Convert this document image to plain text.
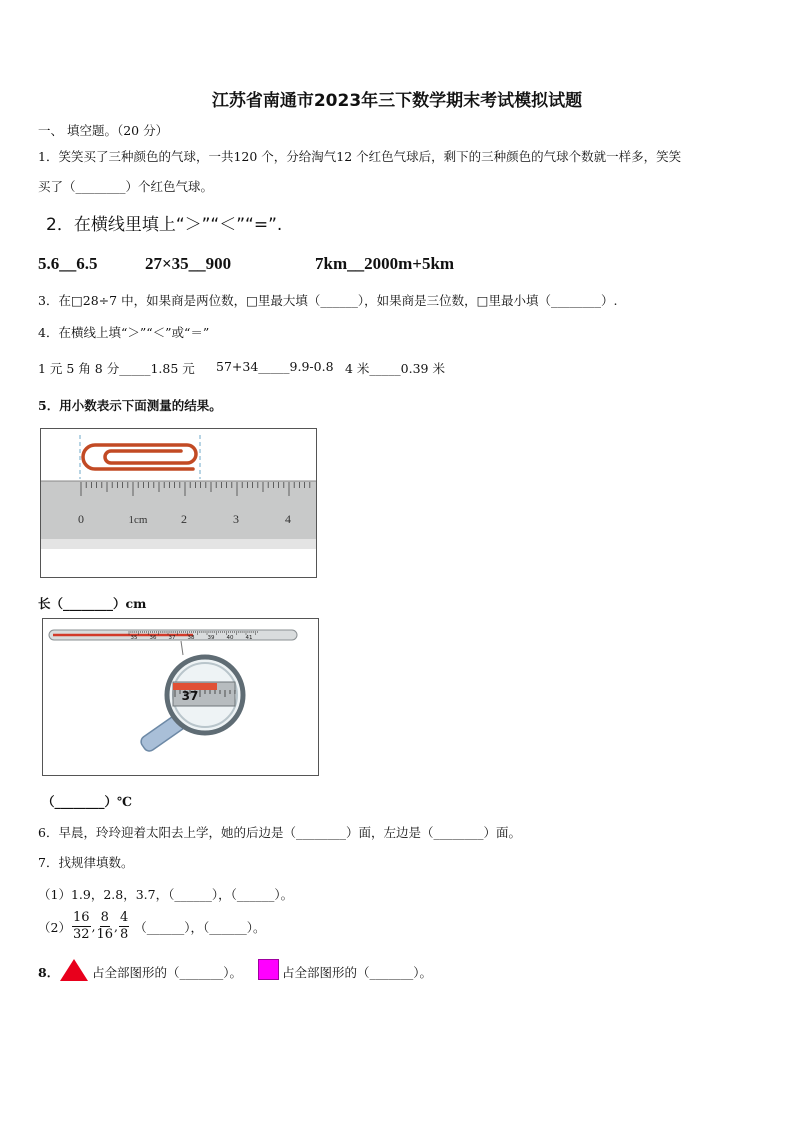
江苏省南通市2023年三下数学期末考试模拟试题
一、 填空题。（20 分）
1．笑笑买了三种颜色的气球，一共120 个，分给淘气12 个红色气球后，剩下的三种颜色的气球个数就一样多，笑笑
买了（________）个红色气球。
2．在横线里填上“＞”“＜”“=”.
5.6__6.5	27×35__900	7km__2000m+5km
3．在□28÷7 中，如果商是两位数，□里最大填（______），如果商是三位数，□里最小填（________）.
4．在横线上填“＞”“＜”或“＝”
1 元 5 角 8 分_____1.85 元 57+34_____9.9-0.8 4 米_____0.39 米
5．用小数表示下面测量的结果。
0	1cm	2	3	4
长（________）cm
35 36 37 38 39 40 41
37
（________）℃
6．早晨，玲玲迎着太阳去上学，她的后边是（________）面，左边是（________）面。
7．找规律填数。
（1）1.9，2.8，3.7，（______），（______）。
$(2) \frac{16}{32}$ , $\frac{8}{16}$ , $\frac{4}{8}$ （______），（______）。
8．	占全部图形的（_______）。	占全部图形的（_______）。
